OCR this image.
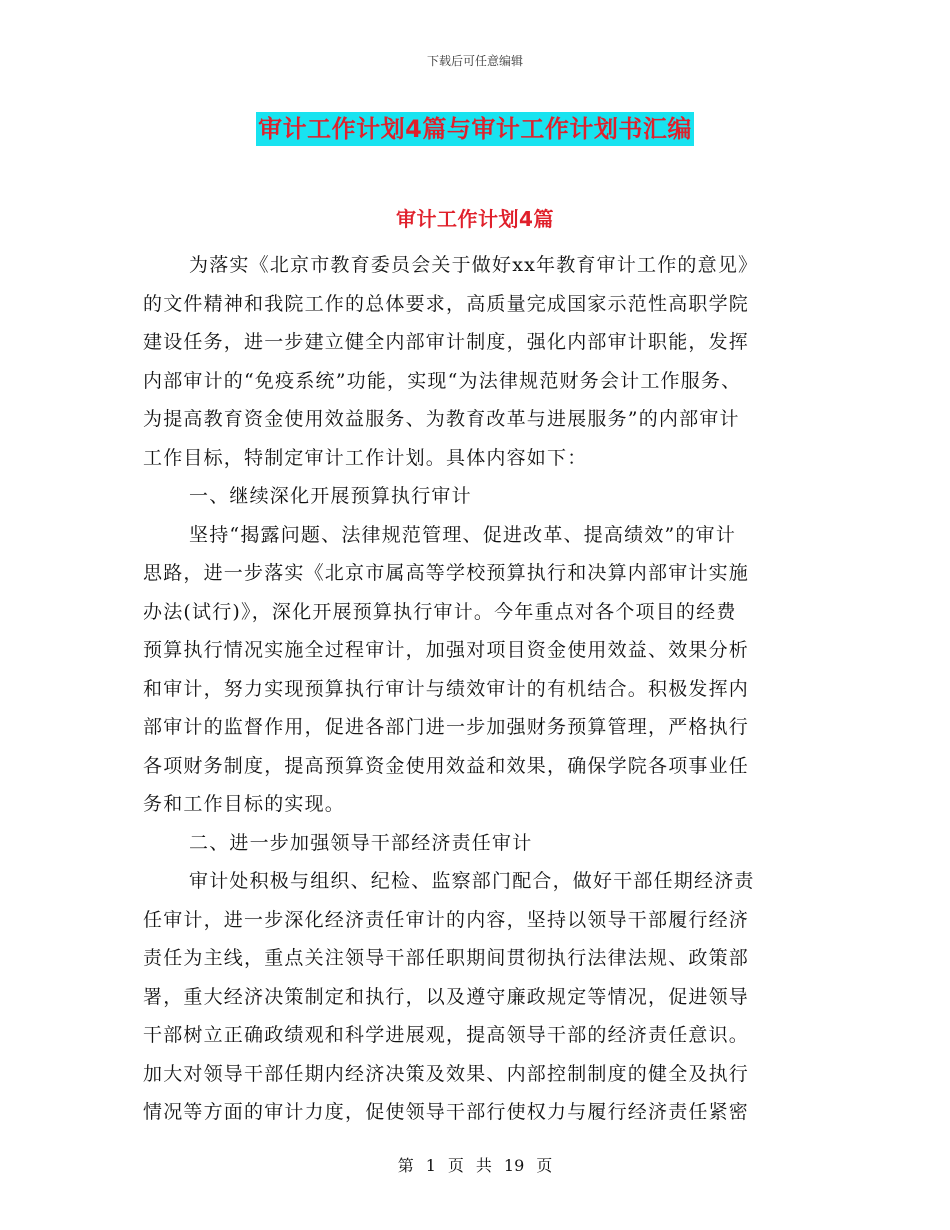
下载后可任意编辑
审计工作计划4篇与审计工作计划书汇编
审计工作计划4篇
为落实《北京市教育委员会关于做好xx年教育审计工作的意见》
的文件精神和我院工作的总体要求，高质量完成国家示范性高职学院
建设任务，进一步建立健全内部审计制度，强化内部审计职能，发挥
内部审计的“免疫系统”功能，实现“为法律规范财务会计工作服务、
为提高教育资金使用效益服务、为教育改革与进展服务”的内部审计
工作目标，特制定审计工作计划。具体内容如下：
一、继续深化开展预算执行审计
坚持“揭露问题、法律规范管理、促进改革、提高绩效”的审计
思路，进一步落实《北京市属高等学校预算执行和决算内部审计实施
办法(试行)》，深化开展预算执行审计。今年重点对各个项目的经费
预算执行情况实施全过程审计，加强对项目资金使用效益、效果分析
和审计，努力实现预算执行审计与绩效审计的有机结合。积极发挥内
部审计的监督作用，促进各部门进一步加强财务预算管理，严格执行
各项财务制度，提高预算资金使用效益和效果，确保学院各项事业任
务和工作目标的实现。
二、进一步加强领导干部经济责任审计
审计处积极与组织、纪检、监察部门配合，做好干部任期经济责
任审计，进一步深化经济责任审计的内容，坚持以领导干部履行经济
责任为主线，重点关注领导干部任职期间贯彻执行法律法规、政策部
署，重大经济决策制定和执行，以及遵守廉政规定等情况，促进领导
干部树立正确政绩观和科学进展观，提高领导干部的经济责任意识。
加大对领导干部任期内经济决策及效果、内部控制制度的健全及执行
情况等方面的审计力度，促使领导干部行使权力与履行经济责任紧密
第 1 页 共 19 页
